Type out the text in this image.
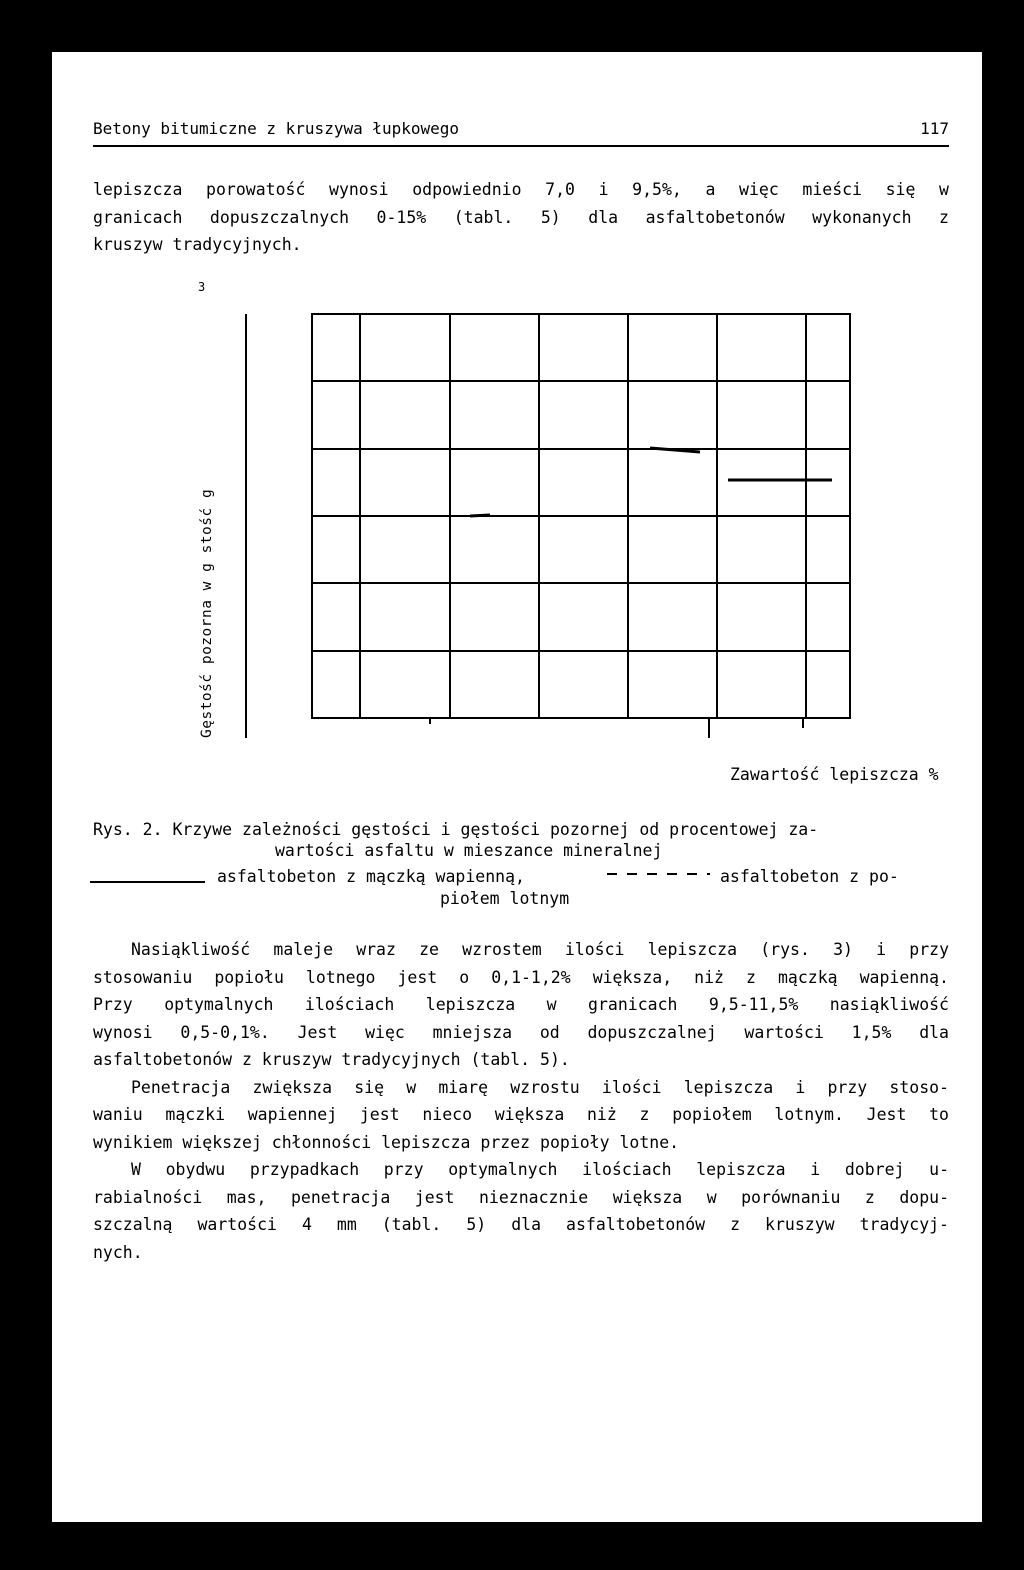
Betony bitumiczne z kruszywa łupkowego	117
lepiszcza porowatość wynosi odpowiednio 7,0 i 9,5%, a więc mieści się w
granicach dopuszczalnych 0-15% (tabl. 5) dla asfaltobetonów wykonanych z
kruszyw tradycyjnych.
3
Gęstość pozorna w g stość g
Zawartość lepiszcza %
Rys. 2. Krzywe zależności gęstości i gęstości pozornej od procentowej za-
wartości asfaltu w mieszance mineralnej
asfaltobeton z mączką wapienną,	asfaltobeton z po-
piołem lotnym
Nasiąkliwość maleje wraz ze wzrostem ilości lepiszcza (rys. 3) i przy
stosowaniu popiołu lotnego jest o 0,1-1,2% większa, niż z mączką wapienną.
Przy optymalnych ilościach lepiszcza w granicach 9,5-11,5% nasiąkliwość
wynosi 0,5-0,1%. Jest więc mniejsza od dopuszczalnej wartości 1,5% dla
asfaltobetonów z kruszyw tradycyjnych (tabl. 5).
Penetracja zwiększa się w miarę wzrostu ilości lepiszcza i przy stoso-
waniu mączki wapiennej jest nieco większa niż z popiołem lotnym. Jest to
wynikiem większej chłonności lepiszcza przez popioły lotne.
W obydwu przypadkach przy optymalnych ilościach lepiszcza i dobrej u-
rabialności mas, penetracja jest nieznacznie większa w porównaniu z dopu-
szczalną wartości 4 mm (tabl. 5) dla asfaltobetonów z kruszyw tradycyj-
nych.
